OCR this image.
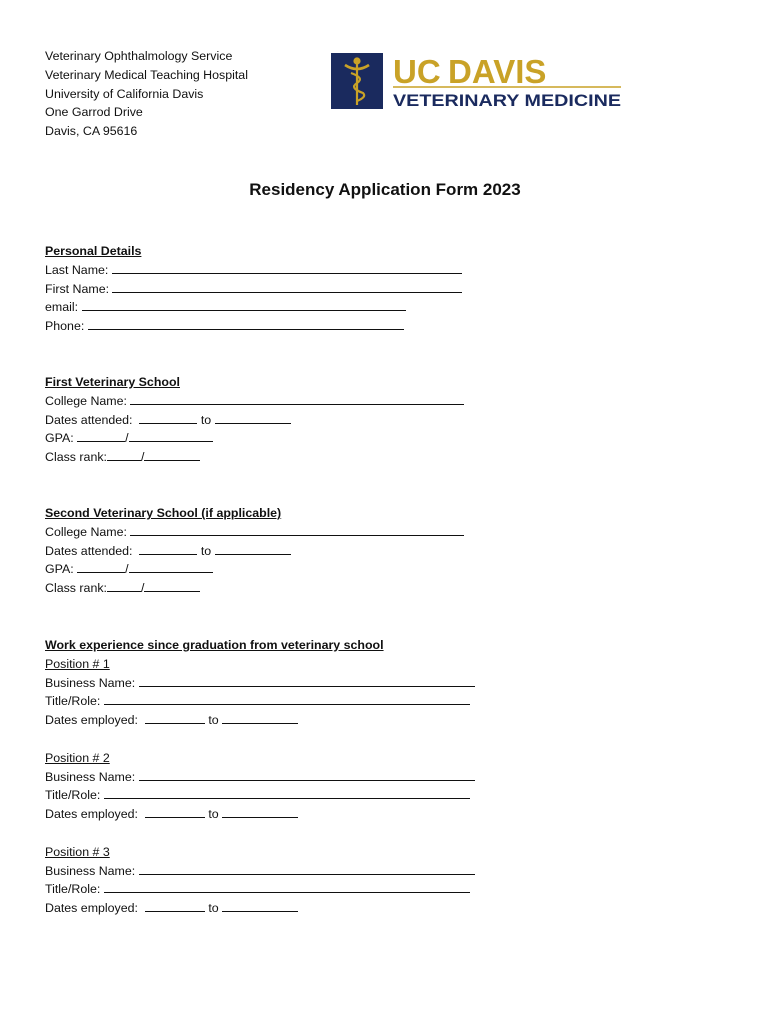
Veterinary Ophthalmology Service
Veterinary Medical Teaching Hospital
University of California Davis
One Garrod Drive
Davis, CA 95616
UC DAVIS
VETERINARY MEDICINE
Residency Application Form 2023
Personal Details
Last Name:
First Name:
email:
Phone:
First Veterinary School
College Name:
Dates attended:	to
GPA:	/
Class rank:	/
Second Veterinary School (if applicable)
College Name:
Dates attended:	to
GPA:	/
Class rank:	/
Work experience since graduation from veterinary school
Position # 1
Business Name:
Title/Role:
Dates employed:	to
Position # 2
Business Name:
Title/Role:
Dates employed:	to
Position # 3
Business Name:
Title/Role:
Dates employed:	to
